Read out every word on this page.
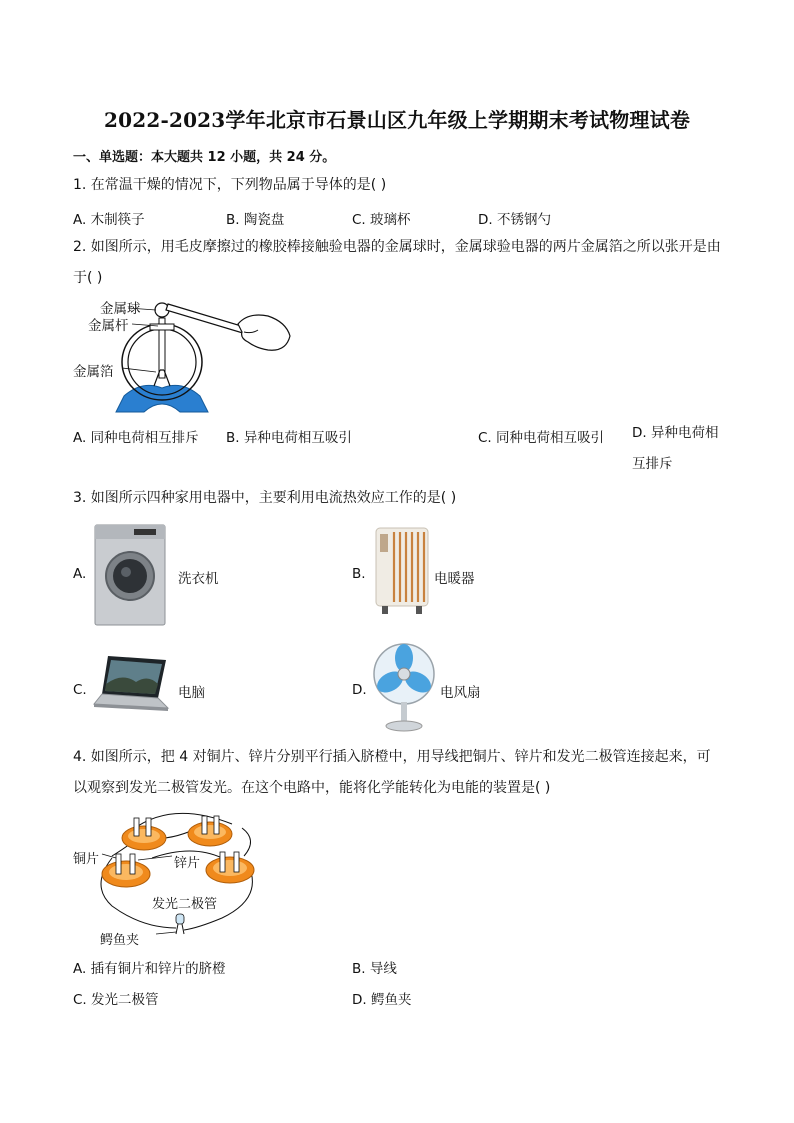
2022-2023学年北京市石景山区九年级上学期期末考试物理试卷
一、单选题：本大题共 12 小题，共 24 分。
1. 在常温干燥的情况下，下列物品属于导体的是( )
A. 木制筷子	B. 陶瓷盘	C. 玻璃杯	D. 不锈钢勺
2. 如图所示，用毛皮摩擦过的橡胶棒接触验电器的金属球时，金属球验电器的两片金属箔之所以张开是由于( )
金属球
金属杆
金属箔
A. 同种电荷相互排斥 B. 异种电荷相互吸引	C. 同种电荷相互吸引 D. 异种电荷相互排斥
3. 如图所示四种家用电器中，主要利用电流热效应工作的是( )
A.	洗衣机	B.	电暖器
C.	电脑	D.	电风扇
4. 如图所示，把 4 对铜片、锌片分别平行插入脐橙中，用导线把铜片、锌片和发光二极管连接起来，可以观察到发光二极管发光。在这个电路中，能将化学能转化为电能的装置是( )
铜片	锌片
发光二极管
鳄鱼夹
A. 插有铜片和锌片的脐橙	B. 导线
C. 发光二极管	D. 鳄鱼夹
